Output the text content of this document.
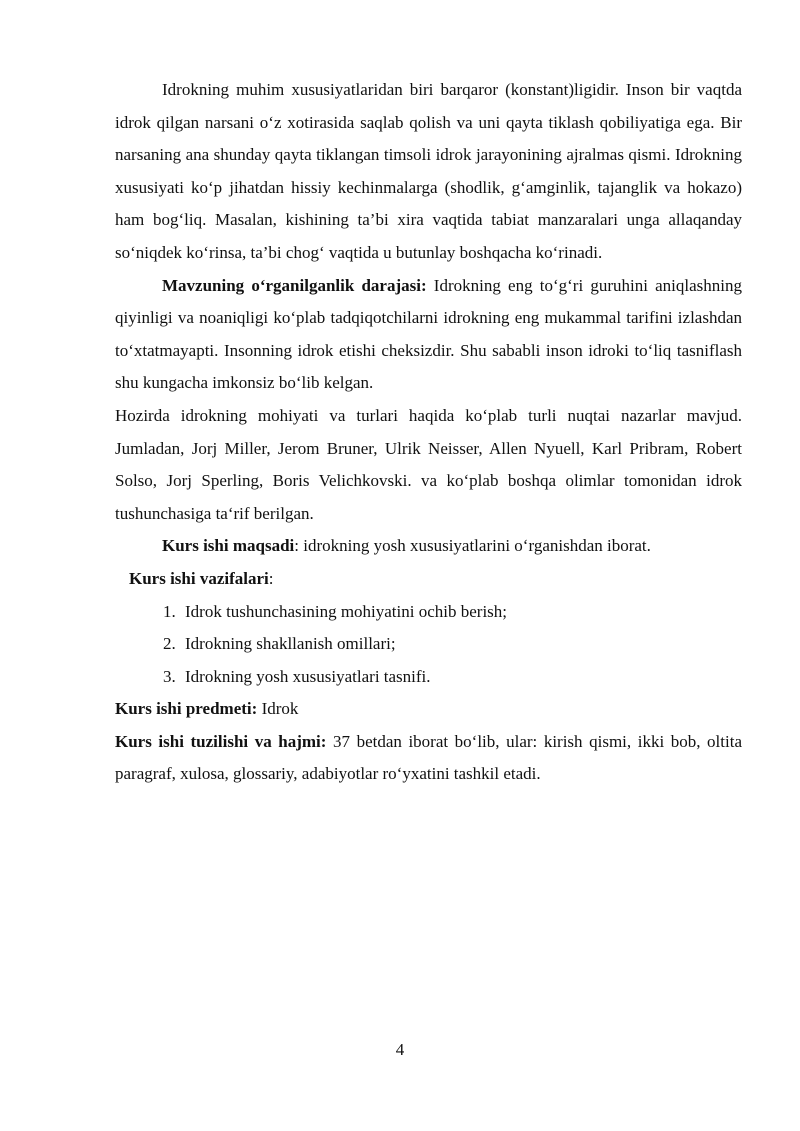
Idrokning muhim xususiyatlaridan biri barqaror (konstant)ligidir. Inson bir vaqtda idrok qilgan narsani o‘z xotirasida saqlab qolish va uni qayta tiklash qobiliyatiga ega. Bir narsaning ana shunday qayta tiklangan timsoli idrok jarayonining ajralmas qismi. Idrokning xususiyati ko‘p jihatdan hissiy kechinmalarga (shodlik, g‘amginlik, tajanglik va hokazo) ham bog‘liq. Masalan, kishining ta’bi xira vaqtida tabiat manzaralari unga allaqanday so‘niqdek ko‘rinsa, ta’bi chog‘ vaqtida u butunlay boshqacha ko‘rinadi.

Mavzuning o‘rganilganlik darajasi: Idrokning eng to‘g‘ri guruhini aniqlashning qiyinligi va noaniqligi ko‘plab tadqiqotchilarni idrokning eng mukammal tarifini izlashdan to‘xtatmayapti. Insonning idrok etishi cheksizdir. Shu sababli inson idroki to‘liq tasniflash shu kungacha imkonsiz bo‘lib kelgan.

Hozirda idrokning mohiyati va turlari haqida ko‘plab turli nuqtai nazarlar mavjud. Jumladan, Jorj Miller, Jerom Bruner, Ulrik Neisser, Allen Nyuell, Karl Pribram, Robert Solso, Jorj Sperling, Boris Velichkovski. va ko‘plab boshqa olimlar tomonidan idrok tushunchasiga ta‘rif berilgan.

Kurs ishi maqsadi: idrokning yosh xususiyatlarini o‘rganishdan iborat.

Kurs ishi vazifalari:

1. Idrok tushunchasining mohiyatini ochib berish;
2. Idrokning shakllanish omillari;
3. Idrokning yosh xususiyatlari tasnifi.

Kurs ishi predmeti: Idrok

Kurs ishi tuzilishi va hajmi: 37 betdan iborat bo‘lib, ular: kirish qismi, ikki bob, oltita paragraf, xulosa, glossariy, adabiyotlar ro‘yxatini tashkil etadi.

4
